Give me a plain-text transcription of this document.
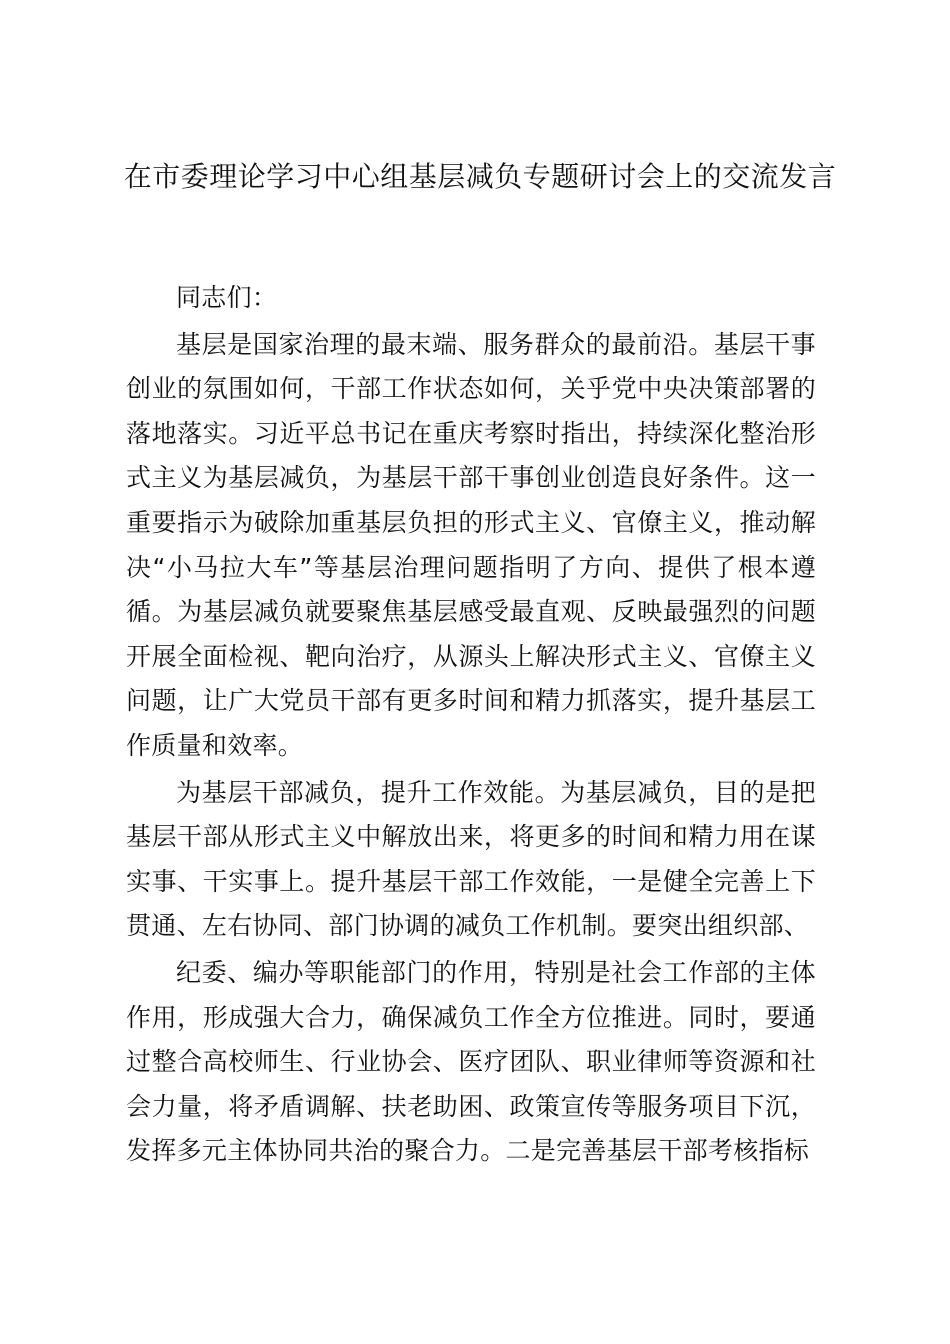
在市委理论学习中心组基层减负专题研讨会上的交流发言

同志们：

基层是国家治理的最末端、服务群众的最前沿。基层干事创业的氛围如何，干部工作状态如何，关乎党中央决策部署的落地落实。习近平总书记在重庆考察时指出，持续深化整治形式主义为基层减负，为基层干部干事创业创造良好条件。这一重要指示为破除加重基层负担的形式主义、官僚主义，推动解决“小马拉大车”等基层治理问题指明了方向、提供了根本遵循。为基层减负就要聚焦基层感受最直观、反映最强烈的问题开展全面检视、靶向治疗，从源头上解决形式主义、官僚主义问题，让广大党员干部有更多时间和精力抓落实，提升基层工作质量和效率。

为基层干部减负，提升工作效能。为基层减负，目的是把基层干部从形式主义中解放出来，将更多的时间和精力用在谋实事、干实事上。提升基层干部工作效能，一是健全完善上下贯通、左右协同、部门协调的减负工作机制。要突出组织部、

纪委、编办等职能部门的作用，特别是社会工作部的主体作用，形成强大合力，确保减负工作全方位推进。同时，要通过整合高校师生、行业协会、医疗团队、职业律师等资源和社会力量，将矛盾调解、扶老助困、政策宣传等服务项目下沉，发挥多元主体协同共治的聚合力。二是完善基层干部考核指标
